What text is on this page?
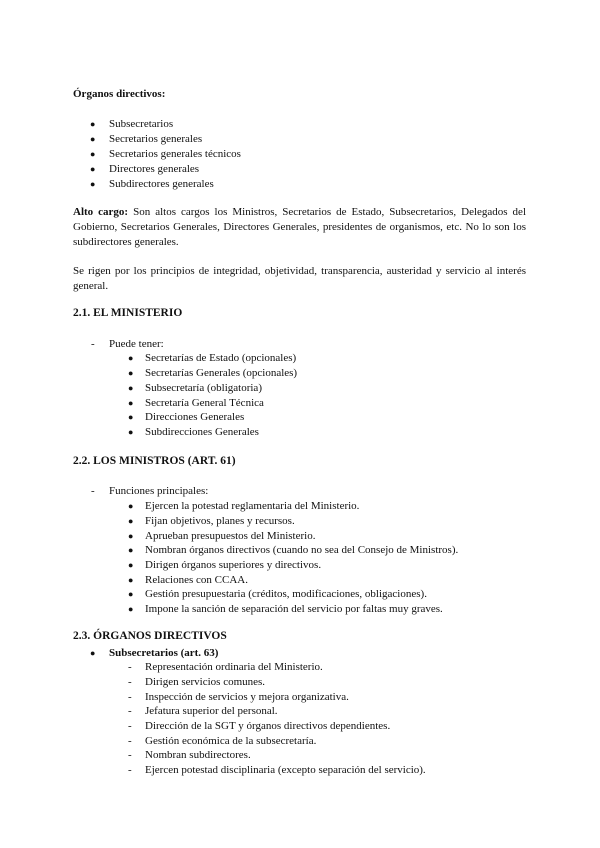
Órganos directivos:
● Subsecretarios
● Secretarios generales
● Secretarios generales técnicos
● Directores generales
● Subdirectores generales
Alto cargo: Son altos cargos los Ministros, Secretarios de Estado, Subsecretarios, Delegados del Gobierno, Secretarios Generales, Directores Generales, presidentes de organismos, etc. No lo son los subdirectores generales.
Se rigen por los principios de integridad, objetividad, transparencia, austeridad y servicio al interés general.
2.1. EL MINISTERIO
- Puede tener:
● Secretarías de Estado (opcionales)
● Secretarías Generales (opcionales)
● Subsecretaría (obligatoria)
● Secretaría General Técnica
● Direcciones Generales
● Subdirecciones Generales
2.2. LOS MINISTROS (ART. 61)
- Funciones principales:
● Ejercen la potestad reglamentaria del Ministerio.
● Fijan objetivos, planes y recursos.
● Aprueban presupuestos del Ministerio.
● Nombran órganos directivos (cuando no sea del Consejo de Ministros).
● Dirigen órganos superiores y directivos.
● Relaciones con CCAA.
● Gestión presupuestaria (créditos, modificaciones, obligaciones).
● Impone la sanción de separación del servicio por faltas muy graves.
2.3. ÓRGANOS DIRECTIVOS
● Subsecretarios (art. 63)
- Representación ordinaria del Ministerio.
- Dirigen servicios comunes.
- Inspección de servicios y mejora organizativa.
- Jefatura superior del personal.
- Dirección de la SGT y órganos directivos dependientes.
- Gestión económica de la subsecretaría.
- Nombran subdirectores.
- Ejercen potestad disciplinaria (excepto separación del servicio).
